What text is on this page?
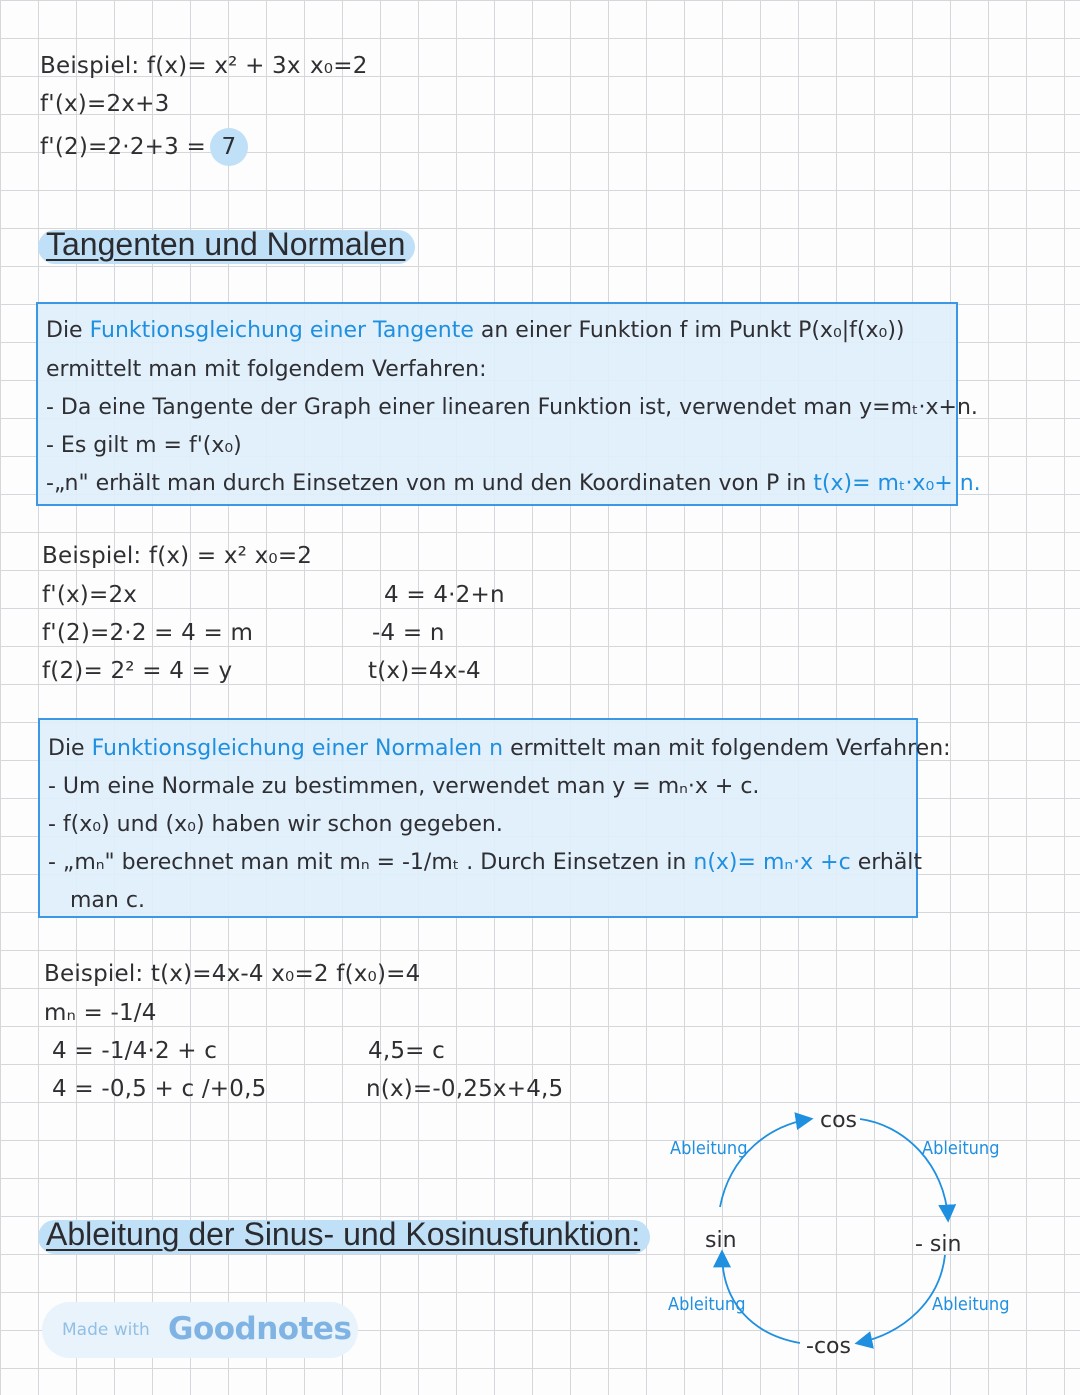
Beispiel: f(x)= x² + 3x x₀=2
f'(x)=2x+3
f'(2)=2·2+3 = 7
Tangenten und Normalen
Die Funktionsgleichung einer Tangente an einer Funktion f im Punkt P(x₀|f(x₀))
ermittelt man mit folgendem Verfahren:
- Da eine Tangente der Graph einer linearen Funktion ist, verwendet man y=mₜ·x+n.
- Es gilt m = f'(x₀)
-„n" erhält man durch Einsetzen von m und den Koordinaten von P in t(x)= mₜ·x₀+ n.
Beispiel: f(x) = x² x₀=2
f'(x)=2x
f'(2)=2·2 = 4 = m
f(2)= 2² = 4 = y
4 = 4·2+n
-4 = n
t(x)=4x-4
Die Funktionsgleichung einer Normalen n ermittelt man mit folgendem Verfahren:
- Um eine Normale zu bestimmen, verwendet man y = mₙ·x + c.
- f(x₀) und (x₀) haben wir schon gegeben.
- „mₙ" berechnet man mit mₙ = -1/mₜ . Durch Einsetzen in n(x)= mₙ·x +c erhält
man c.
Beispiel: t(x)=4x-4 x₀=2 f(x₀)=4
mₙ = -1/4
4 = -1/4·2 + c
4 = -0,5 + c /+0,5
4,5= c
n(x)=-0,25x+4,5
Ableitung der Sinus- und Kosinusfunktion:
cos
- sin
-cos
sin
Ableitung	Ableitung
Ableitung	Ableitung
Made with Goodnotes
